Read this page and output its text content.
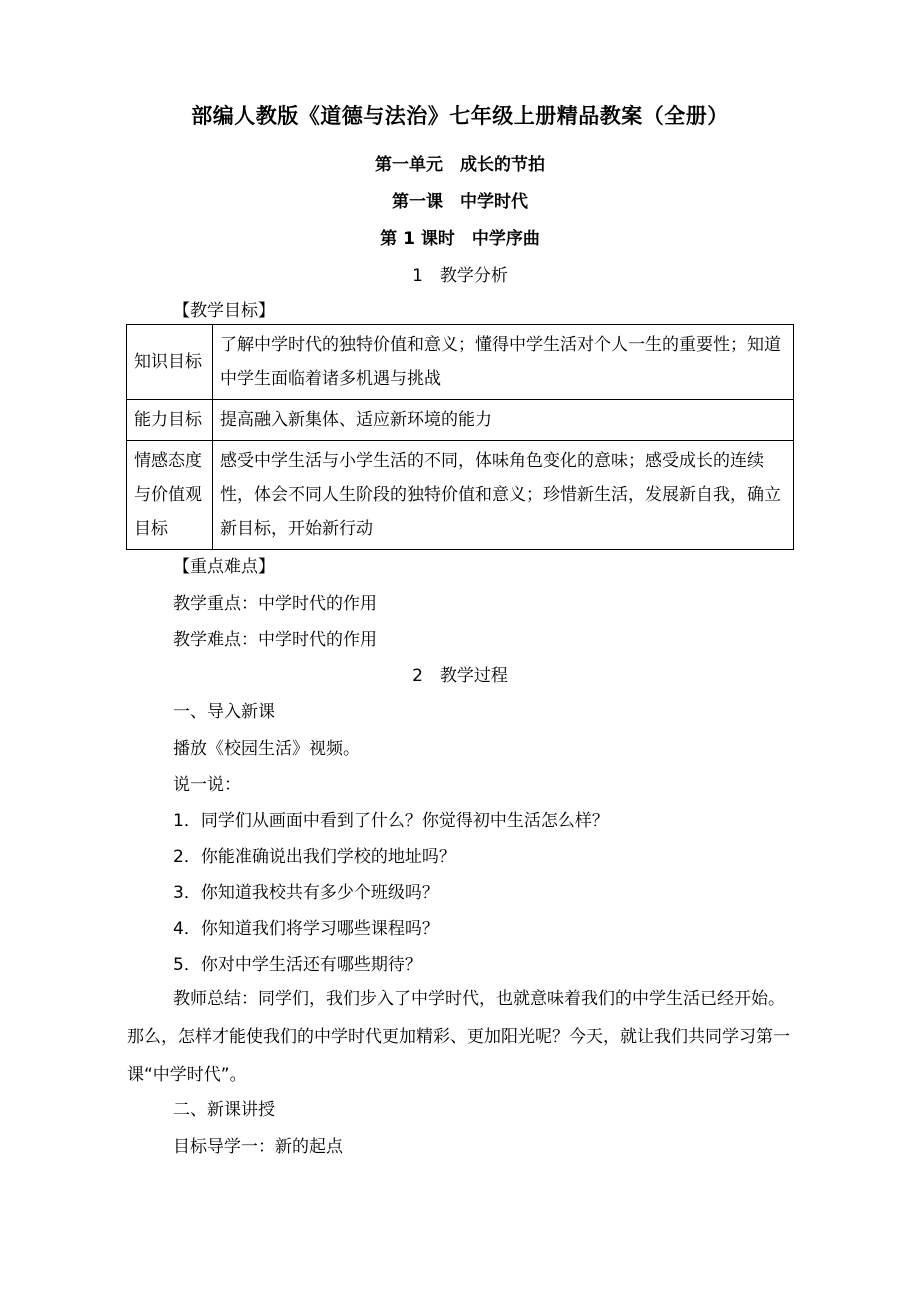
部编人教版《道德与法治》七年级上册精品教案（全册）
第一单元　成长的节拍
第一课　中学时代
第 1 课时　中学序曲
1　教学分析
【教学目标】
知识目标	了解中学时代的独特价值和意义；懂得中学生活对个人一生的重要性；知道中学生面临着诸多机遇与挑战
能力目标	提高融入新集体、适应新环境的能力
情感态度与价值观目标	感受中学生活与小学生活的不同，体味角色变化的意味；感受成长的连续性，体会不同人生阶段的独特价值和意义；珍惜新生活，发展新自我，确立新目标，开始新行动
【重点难点】
教学重点：中学时代的作用
教学难点：中学时代的作用
2　教学过程
一、导入新课
播放《校园生活》视频。
说一说：
1．同学们从画面中看到了什么？你觉得初中生活怎么样？
2．你能准确说出我们学校的地址吗？
3．你知道我校共有多少个班级吗？
4．你知道我们将学习哪些课程吗？
5．你对中学生活还有哪些期待？
教师总结：同学们，我们步入了中学时代，也就意味着我们的中学生活已经开始。那么，怎样才能使我们的中学时代更加精彩、更加阳光呢？今天，就让我们共同学习第一课“中学时代”。
二、新课讲授
目标导学一：新的起点
